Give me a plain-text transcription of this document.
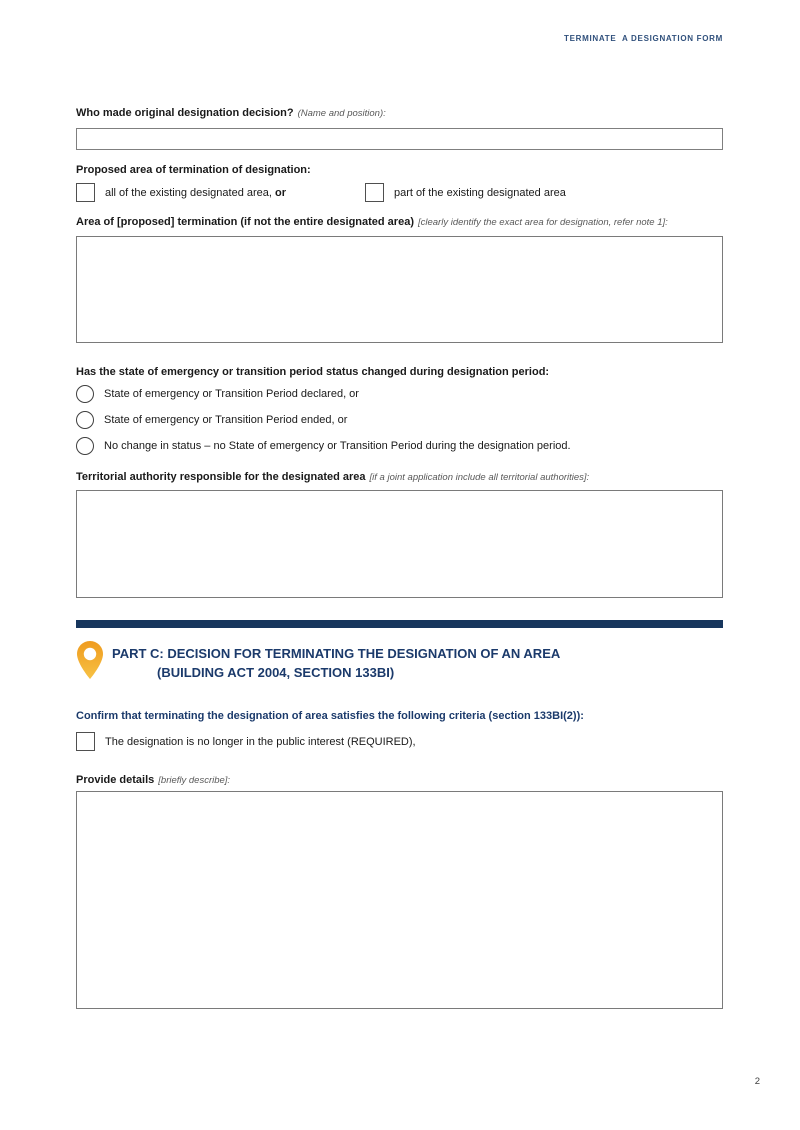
TERMINATE  A DESIGNATION FORM
Who made original designation decision? (Name and position):
Proposed area of termination of designation:
all of the existing designated area, or	part of the existing designated area
Area of [proposed] termination (if not the entire designated area) [clearly identify the exact area for designation, refer note 1]:
Has the state of emergency or transition period status changed during designation period:
State of emergency or Transition Period declared, or
State of emergency or Transition Period ended, or
No change in status – no State of emergency or Transition Period during the designation period.
Territorial authority responsible for the designated area [if a joint application include all territorial authorities]:
PART C: DECISION FOR TERMINATING THE DESIGNATION OF AN AREA
(BUILDING ACT 2004, SECTION 133BI)
Confirm that terminating the designation of area satisfies the following criteria (section 133BI(2)):
The designation is no longer in the public interest (REQUIRED),
Provide details [briefly describe]:
2
